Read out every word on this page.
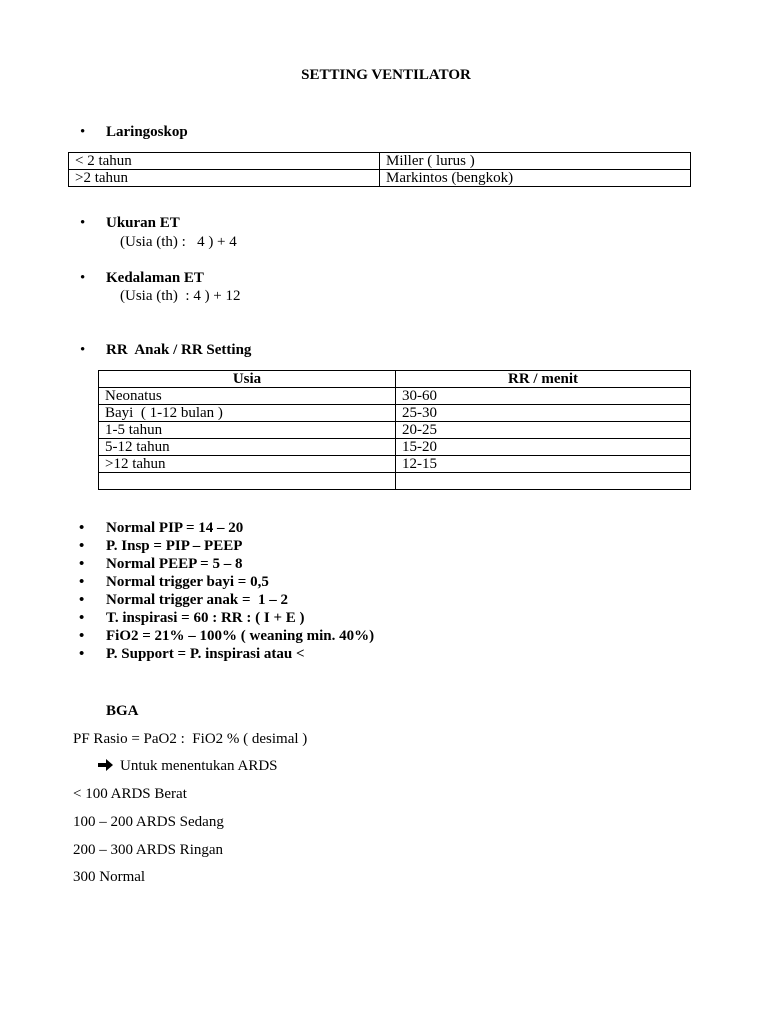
SETTING VENTILATOR
• Laringoskop
< 2 tahun	Miller ( lurus )
>2 tahun	Markintos (bengkok)
• Ukuran ET
(Usia (th) :   4 ) + 4
• Kedalaman ET
(Usia (th)  : 4 ) + 12
• RR  Anak / RR Setting
Usia	RR / menit
Neonatus	30-60
Bayi  ( 1-12 bulan )	25-30
1-5 tahun	20-25
5-12 tahun	15-20
>12 tahun	12-15

• Normal PIP = 14 – 20
• P. Insp = PIP – PEEP
• Normal PEEP = 5 – 8
• Normal trigger bayi = 0,5
• Normal trigger anak =  1 – 2
• T. inspirasi = 60 : RR : ( I + E )
• FiO2 = 21% – 100% ( weaning min. 40%)
• P. Support = P. inspirasi atau <
BGA
PF Rasio = PaO2 :  FiO2 % ( desimal )
Untuk menentukan ARDS
< 100 ARDS Berat
100 – 200 ARDS Sedang
200 – 300 ARDS Ringan
300 Normal
